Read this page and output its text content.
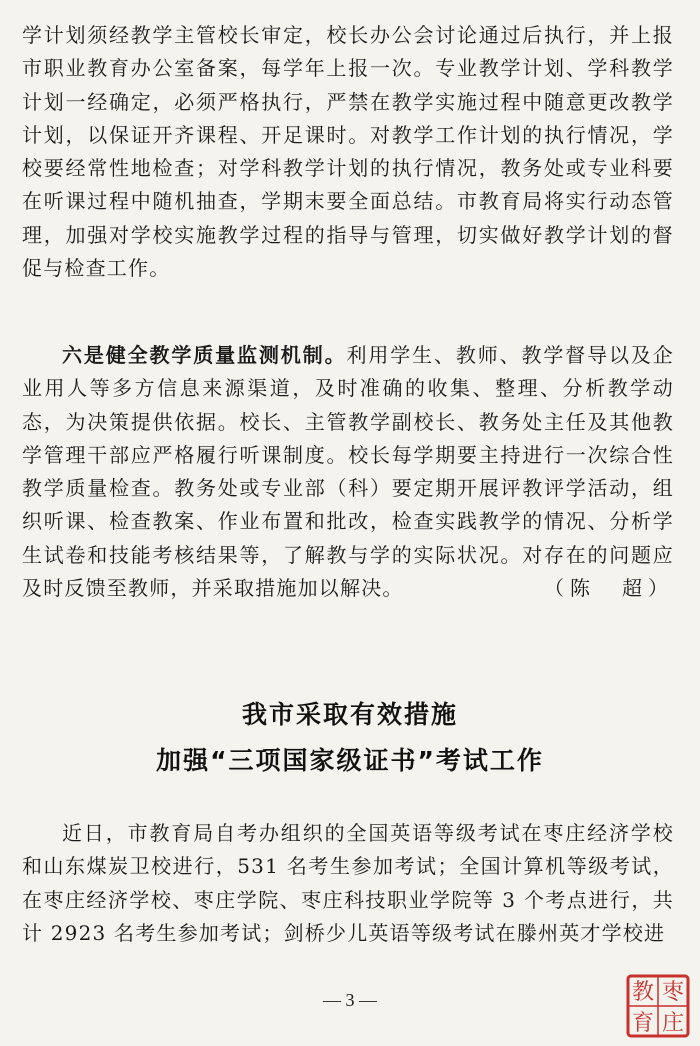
学计划须经教学主管校长审定，校长办公会讨论通过后执行，并上报市职业教育办公室备案，每学年上报一次。专业教学计划、学科教学计划一经确定，必须严格执行，严禁在教学实施过程中随意更改教学计划，以保证开齐课程、开足课时。对教学工作计划的执行情况，学校要经常性地检查；对学科教学计划的执行情况，教务处或专业科要在听课过程中随机抽查，学期末要全面总结。市教育局将实行动态管理，加强对学校实施教学过程的指导与管理，切实做好教学计划的督促与检查工作。

六是健全教学质量监测机制。利用学生、教师、教学督导以及企业用人等多方信息来源渠道，及时准确的收集、整理、分析教学动态，为决策提供依据。校长、主管教学副校长、教务处主任及其他教学管理干部应严格履行听课制度。校长每学期要主持进行一次综合性教学质量检查。教务处或专业部（科）要定期开展评教评学活动，组织听课、检查教案、作业布置和批改，检查实践教学的情况、分析学生试卷和技能考核结果等，了解教与学的实际状况。对存在的问题应及时反馈至教师，并采取措施加以解决。	（陈　超）

我市采取有效措施
加强“三项国家级证书”考试工作

近日，市教育局自考办组织的全国英语等级考试在枣庄经济学校和山东煤炭卫校进行，531 名考生参加考试；全国计算机等级考试，在枣庄经济学校、枣庄学院、枣庄科技职业学院等 3 个考点进行，共计 2923 名考生参加考试；剑桥少儿英语等级考试在滕州英才学校进

— 3 —	枣
庄
教
育
